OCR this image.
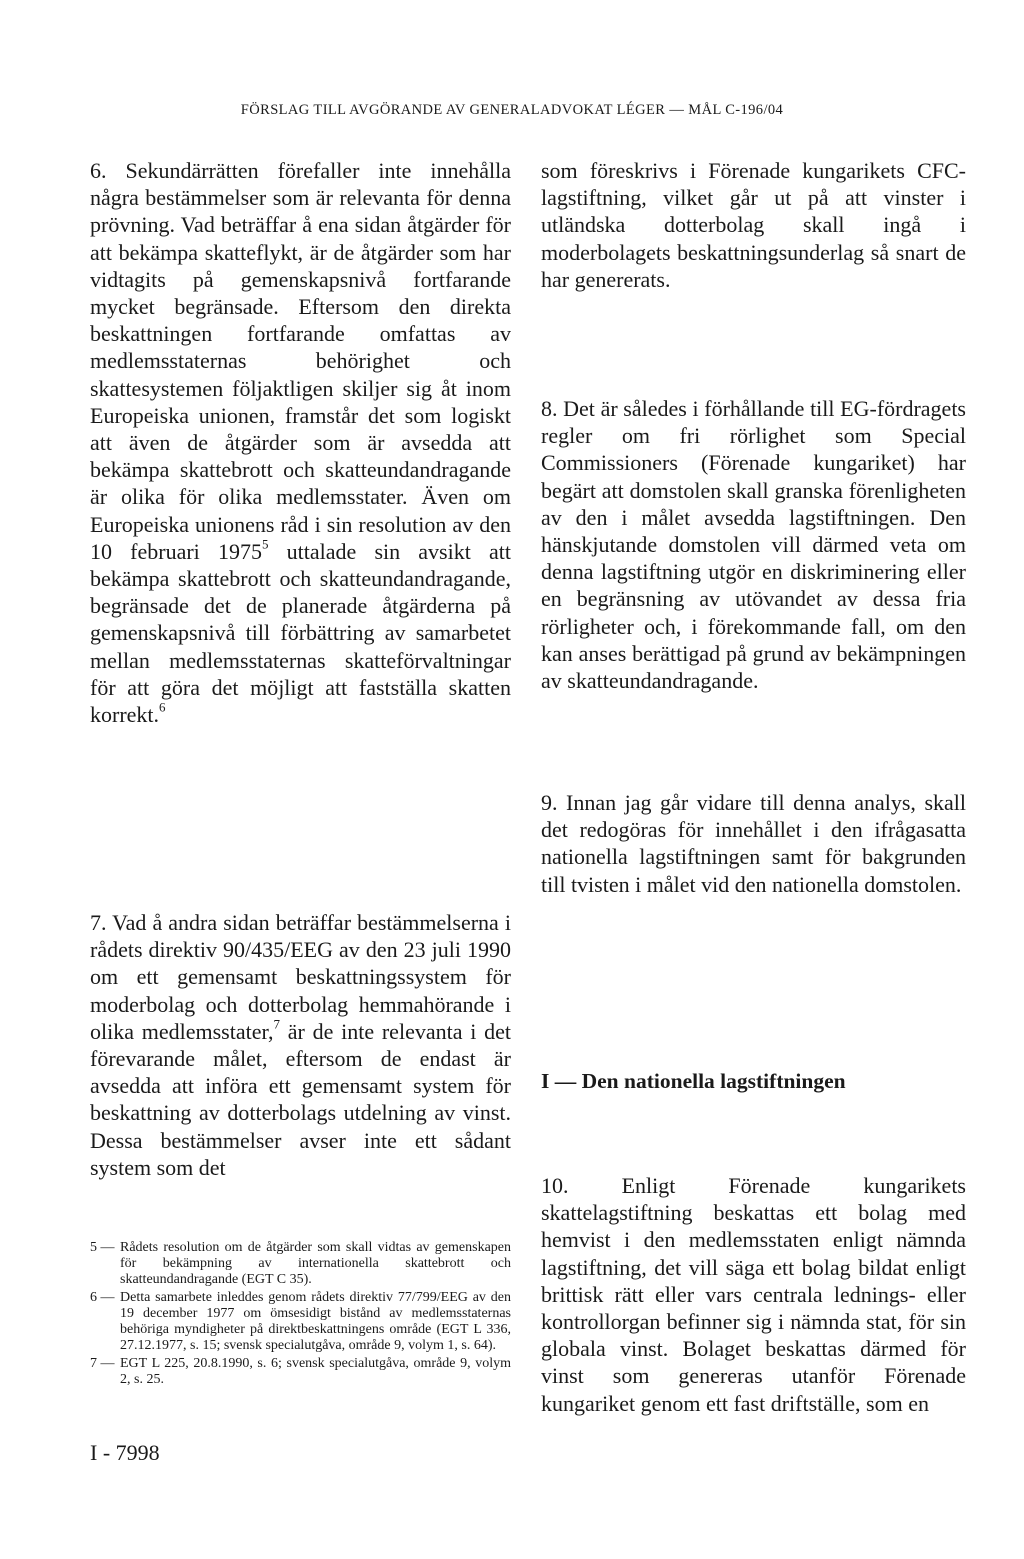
FÖRSLAG TILL AVGÖRANDE AV GENERALADVOKAT LÉGER — MÅL C-196/04

6. Sekundärrätten förefaller inte innehålla några bestämmelser som är relevanta för denna prövning. Vad beträffar å ena sidan åtgärder för att bekämpa skatteflykt, är de åtgärder som har vidtagits på gemenskapsnivå fortfarande mycket begränsade. Eftersom den direkta beskattningen fortfarande omfattas av medlemsstaternas behörighet och skattesystemen följaktligen skiljer sig åt inom Europeiska unionen, framstår det som logiskt att även de åtgärder som är avsedda att bekämpa skattebrott och skatteundandragande är olika för olika medlemsstater. Även om Europeiska unionens råd i sin resolution av den 10 februari 1975$^5$ uttalade sin avsikt att bekämpa skattebrott och skatteundandragande, begränsade det de planerade åtgärderna på gemenskapsnivå till förbättring av samarbetet mellan medlemsstaternas skatteförvaltningar för att göra det möjligt att fastställa skatten korrekt.$^6$

7. Vad å andra sidan beträffar bestämmelserna i rådets direktiv 90/435/EEG av den 23 juli 1990 om ett gemensamt beskattningssystem för moderbolag och dotterbolag hemmahörande i olika medlemsstater,$^7$ är de inte relevanta i det förevarande målet, eftersom de endast är avsedda att införa ett gemensamt system för beskattning av dotterbolags utdelning av vinst. Dessa bestämmelser avser inte ett sådant system som det

som föreskrivs i Förenade kungarikets CFC-lagstiftning, vilket går ut på att vinster i utländska dotterbolag skall ingå i moderbolagets beskattningsunderlag så snart de har genererats.

8. Det är således i förhållande till EG-fördragets regler om fri rörlighet som Special Commissioners (Förenade kungariket) har begärt att domstolen skall granska förenligheten av den i målet avsedda lagstiftningen. Den hänskjutande domstolen vill därmed veta om denna lagstiftning utgör en diskriminering eller en begränsning av utövandet av dessa fria rörligheter och, i förekommande fall, om den kan anses berättigad på grund av bekämpningen av skatteundandragande.

9. Innan jag går vidare till denna analys, skall det redogöras för innehållet i den ifrågasatta nationella lagstiftningen samt för bakgrunden till tvisten i målet vid den nationella domstolen.

I — Den nationella lagstiftningen

10. Enligt Förenade kungarikets skattelagstiftning beskattas ett bolag med hemvist i den medlemsstaten enligt nämnda lagstiftning, det vill säga ett bolag bildat enligt brittisk rätt eller vars centrala lednings- eller kontrollorgan befinner sig i nämnda stat, för sin globala vinst. Bolaget beskattas därmed för vinst som genereras utanför Förenade kungariket genom ett fast driftställe, som en

5 — Rådets resolution om de åtgärder som skall vidtas av gemenskapen för bekämpning av internationella skattebrott och skatteundandragande (EGT C 35).
6 — Detta samarbete inleddes genom rådets direktiv 77/799/EEG av den 19 december 1977 om ömsesidigt bistånd av medlemsstaternas behöriga myndigheter på direktbeskattningens område (EGT L 336, 27.12.1977, s. 15; svensk specialutgåva, område 9, volym 1, s. 64).
7 — EGT L 225, 20.8.1990, s. 6; svensk specialutgåva, område 9, volym 2, s. 25.
I - 7998
